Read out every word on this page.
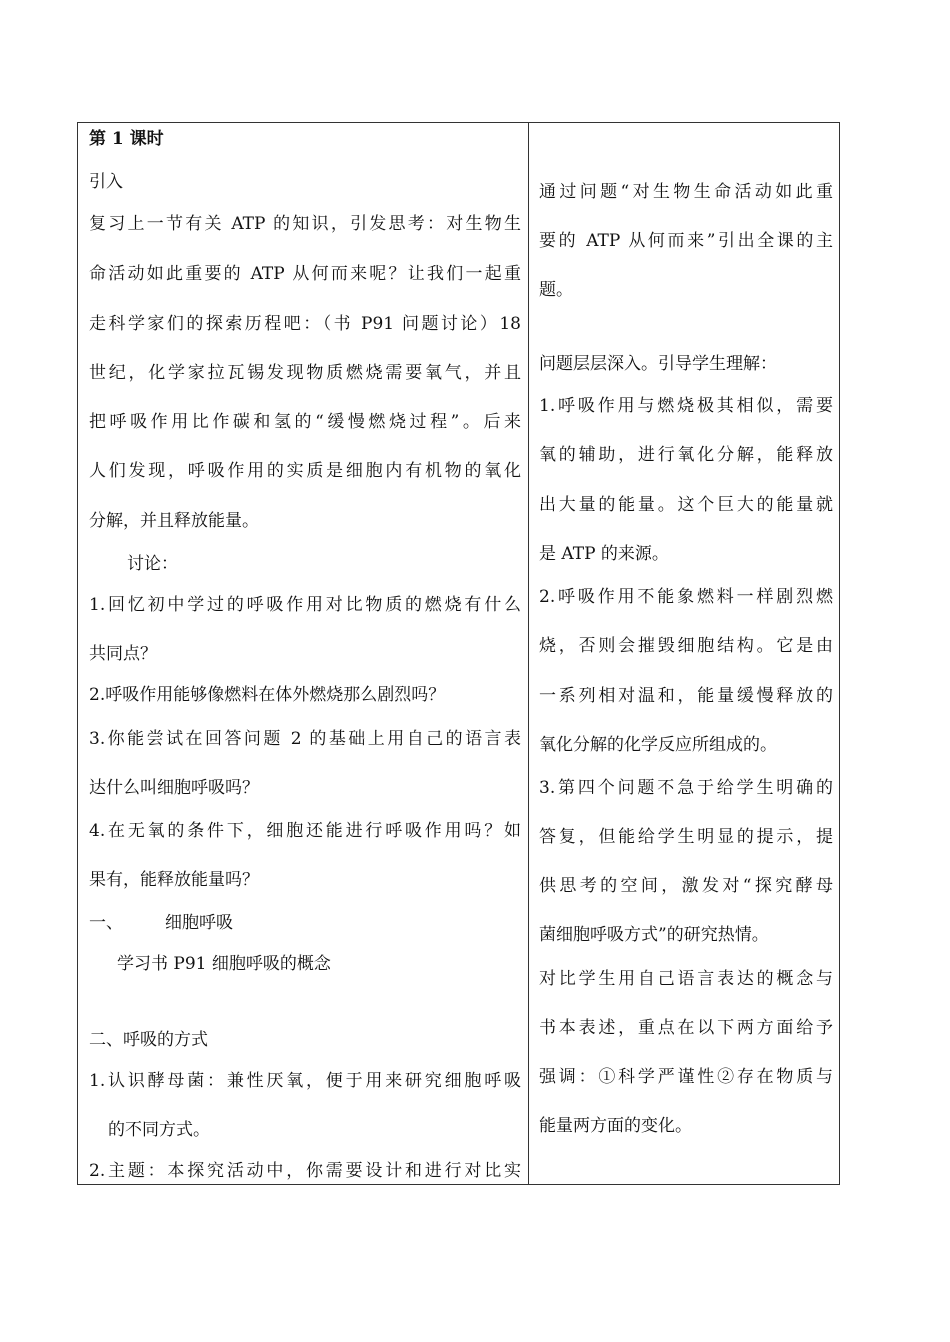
第 1 课时
引入
复习上一节有关 ATP 的知识，引发思考：对生物生
命活动如此重要的 ATP 从何而来呢？让我们一起重
走科学家们的探索历程吧：（书 P91 问题讨论）18
世纪，化学家拉瓦锡发现物质燃烧需要氧气，并且
把呼吸作用比作碳和氢的“缓慢燃烧过程”。后来
人们发现，呼吸作用的实质是细胞内有机物的氧化
分解，并且释放能量。
讨论：
1.回忆初中学过的呼吸作用对比物质的燃烧有什么
共同点？
2.呼吸作用能够像燃料在体外燃烧那么剧烈吗？
3.你能尝试在回答问题 2 的基础上用自己的语言表
达什么叫细胞呼吸吗？
4.在无氧的条件下，细胞还能进行呼吸作用吗？如
果有，能释放能量吗？
一、 细胞呼吸
学习书 P91 细胞呼吸的概念
二、呼吸的方式
1.认识酵母菌：兼性厌氧，便于用来研究细胞呼吸
的不同方式。
2.主题：本探究活动中，你需要设计和进行对比实
通过问题“对生物生命活动如此重
要的 ATP 从何而来”引出全课的主
题。
问题层层深入。引导学生理解：
1.呼吸作用与燃烧极其相似，需要
氧的辅助，进行氧化分解，能释放
出大量的能量。这个巨大的能量就
是 ATP 的来源。
2.呼吸作用不能象燃料一样剧烈燃
烧，否则会摧毁细胞结构。它是由
一系列相对温和，能量缓慢释放的
氧化分解的化学反应所组成的。
3.第四个问题不急于给学生明确的
答复，但能给学生明显的提示，提
供思考的空间，激发对“探究酵母
菌细胞呼吸方式”的研究热情。
对比学生用自己语言表达的概念与
书本表述，重点在以下两方面给予
强调：①科学严谨性②存在物质与
能量两方面的变化。
